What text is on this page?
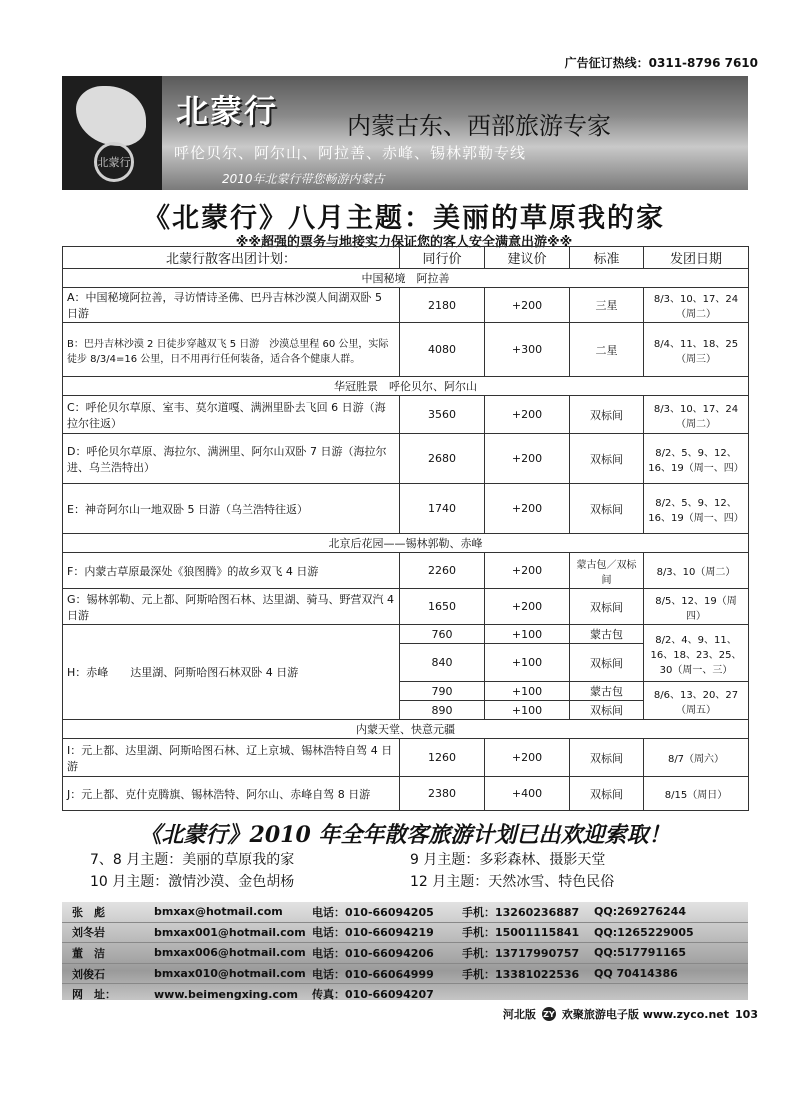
广告征订热线：0311-8796 7610
北蒙行
北蒙行	内蒙古东、西部旅游专家
呼伦贝尔、阿尔山、阿拉善、赤峰、锡林郭勒专线
2010年北蒙行带您畅游内蒙古
《北蒙行》八月主题：美丽的草原我的家
※※超强的票务与地接实力保证您的客人安全满意出游※※
北蒙行散客出团计划：	同行价	建议价	标准	发团日期
中国秘境　阿拉善				
A：中国秘境阿拉善，寻访情诗圣佛、巴丹吉林沙漠人间湖双卧 5 日游	2180	+200	三星	8/3、10、17、24（周二）
B：巴丹吉林沙漠 2 日徒步穿越双飞 5 日游　沙漠总里程 60 公里，实际徒步 8/3/4=16 公里，日不用再行任何装备，适合各个健康人群。	4080	+300	二星	8/4、11、18、25（周三）
华冠胜景　呼伦贝尔、阿尔山				
C：呼伦贝尔草原、室韦、莫尔道嘎、满洲里卧去飞回 6 日游（海拉尔往返）	3560	+200	双标间	8/3、10、17、24（周二）
D：呼伦贝尔草原、海拉尔、满洲里、阿尔山双卧 7 日游（海拉尔进、乌兰浩特出）	2680	+200	双标间	8/2、5、9、12、16、19（周一、四）
E：神奇阿尔山一地双卧 5 日游（乌兰浩特往返）	1740	+200	双标间	8/2、5、9、12、16、19（周一、四）
北京后花园——锡林郭勒、赤峰				
F：内蒙古草原最深处《狼图腾》的故乡双飞 4 日游	2260	+200	蒙古包／双标间	8/3、10（周二）
G：锡林郭勒、元上都、阿斯哈图石林、达里湖、骑马、野营双汽 4 日游	1650	+200	双标间	8/5、12、19（周四）
H：赤峰　　达里湖、阿斯哈图石林双卧 4 日游	760	+100	蒙古包	8/2、4、9、11、16、18、23、25、30（周一、三）
	840	+100	双标间	
	790	+100	蒙古包	8/6、13、20、27（周五）
	890	+100	双标间	
内蒙天堂、快意元疆				
I：元上都、达里湖、阿斯哈图石林、辽上京城、锡林浩特自驾 4 日游	1260	+200	双标间	8/7（周六）
J：元上都、克什克腾旗、锡林浩特、阿尔山、赤峰自驾 8 日游	2380	+400	双标间	8/15（周日）
《北蒙行》2010 年全年散客旅游计划已出欢迎索取！
7、8 月主题：美丽的草原我的家	9 月主题：多彩森林、摄影天堂
10 月主题：激情沙漠、金色胡杨	12 月主题：天然冰雪、特色民俗
张　彪	bmxax@hotmail.com	电话：010-66094205	手机：13260236887	QQ:269276244
刘冬岩	bmxax001@hotmail.com 电话：010-66094219	手机：15001115841	QQ:1265229005
董　洁	bmxax006@hotmail.com 电话：010-66094206	手机：13717990757	QQ:517791165
刘俊石	bmxax010@hotmail.com 电话：010-66064999	手机：13381022536	QQ 70414386
网　址：	www.beimengxing.com	传真：010-66094207
河北版 ZY 欢聚旅游电子版 www.zyco.net 103
